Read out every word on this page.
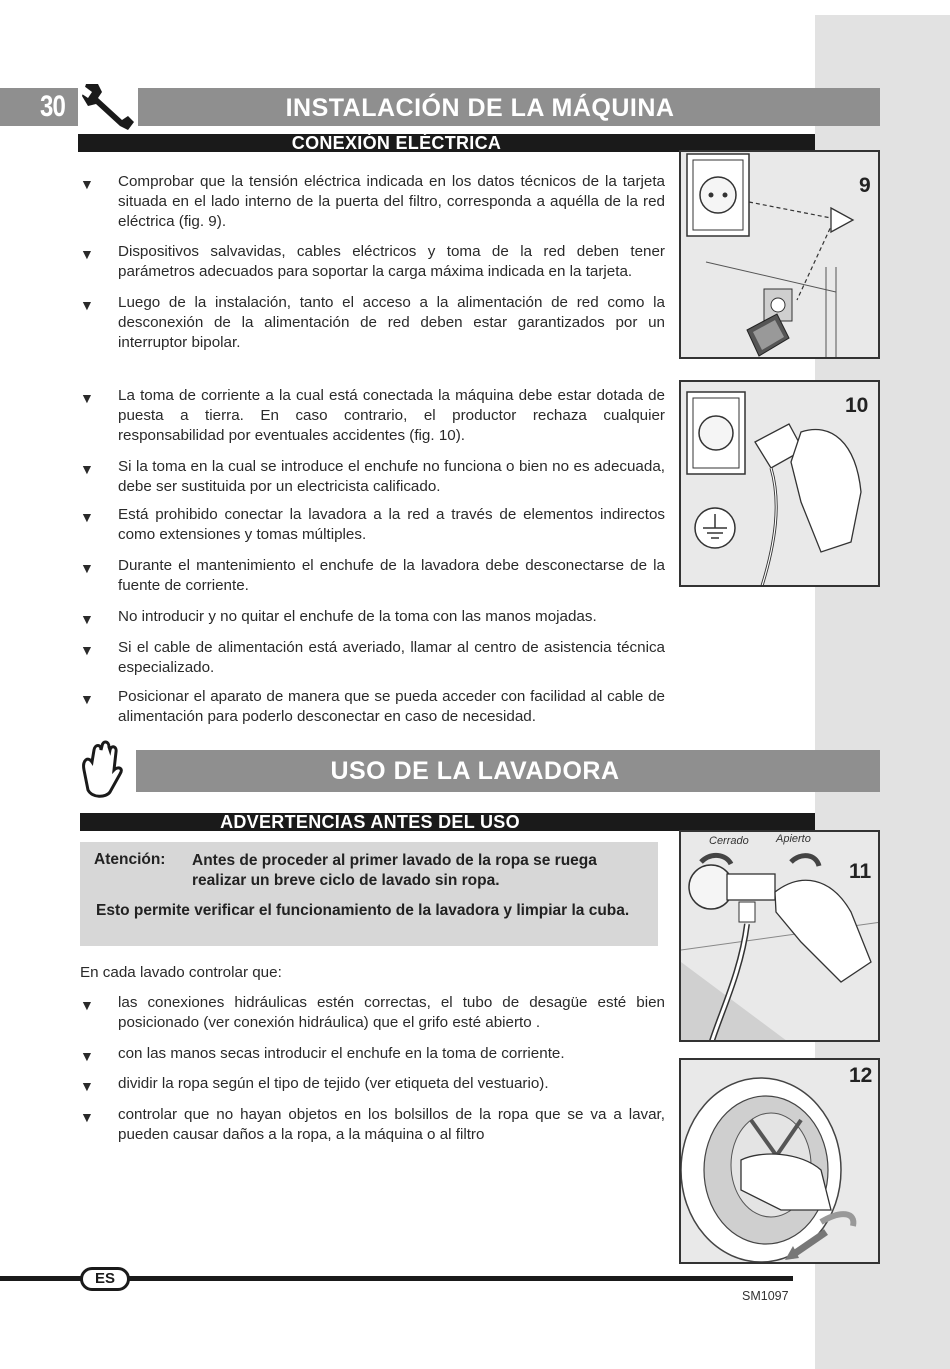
30	INSTALACIÓN DE LA MÁQUINA
CONEXIÓN ELÉCTRICA
▼ Comprobar que la tensión eléctrica indicada en los datos técnicos de la tarjeta situada en el lado interno de la puerta del filtro, corresponda a aquélla de la red eléctrica (fig. 9).
▼ Dispositivos salvavidas, cables eléctricos y toma de la red deben tener parámetros adecuados para soportar la carga máxima indicada en la tarjeta.
▼ Luego de la instalación, tanto el acceso a la alimentación de red como la desconexión de la alimentación de red deben estar garantizados por un interruptor bipolar.
▼ La toma de corriente a la cual está conectada la máquina debe estar dotada de puesta a tierra. En caso contrario, el productor rechaza cualquier responsabilidad por eventuales accidentes (fig. 10).
▼ Si la toma en la cual se introduce el enchufe no funciona o bien no es adecuada, debe ser sustituida por un electricista calificado.
▼ Está prohibido conectar la lavadora a la red a través de elementos indirectos como extensiones y tomas múltiples.
▼ Durante el mantenimiento el enchufe de la lavadora debe desconectarse de la fuente de corriente.
▼ No introducir y no quitar el enchufe de la toma con las manos mojadas.
▼ Si el cable de alimentación está averiado, llamar al centro de asistencia técnica especializado.
▼ Posicionar el aparato de manera que se pueda acceder con facilidad al cable de alimentación para poderlo desconectar en caso de necesidad.
9
10
USO DE LA LAVADORA
ADVERTENCIAS ANTES DEL USO
Atención: Antes de proceder al primer lavado de la ropa se ruega realizar un breve ciclo de lavado sin ropa.
Esto permite verificar el funcionamiento de la lavadora y limpiar la cuba.
En cada lavado controlar que:
▼ las conexiones hidráulicas estén correctas, el tubo de desagüe esté bien posicionado (ver conexión hidráulica) que el grifo esté abierto .
▼ con las manos secas introducir el enchufe en la toma de corriente.
▼ dividir la ropa según el tipo de tejido (ver etiqueta del vestuario).
▼ controlar que no hayan objetos en los bolsillos de la ropa que se va a lavar, pueden causar daños a la ropa, a la máquina o al filtro
Cerrado Apierto
11
12
ES
SM1097
